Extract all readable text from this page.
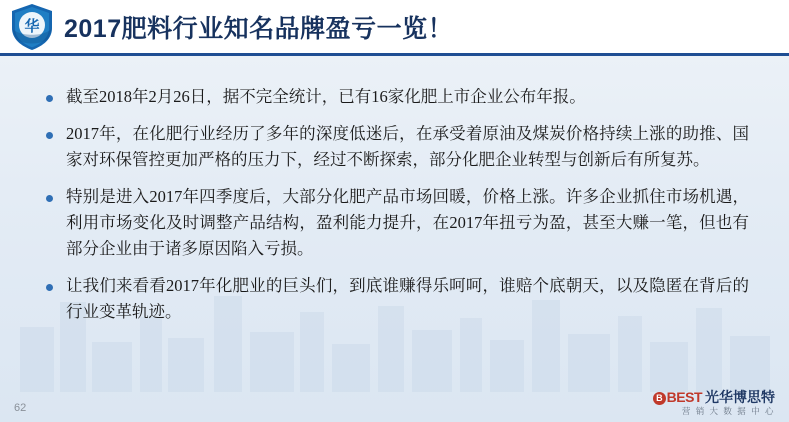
华 2017肥料行业知名品牌盈亏一览！
截至2018年2月26日，据不完全统计，已有16家化肥上市企业公布年报。
2017年，在化肥行业经历了多年的深度低迷后，在承受着原油及煤炭价格持续上涨的助推、国家对环保管控更加严格的压力下，经过不断探索，部分化肥企业转型与创新后有所复苏。
特别是进入2017年四季度后，大部分化肥产品市场回暖，价格上涨。许多企业抓住市场机遇，利用市场变化及时调整产品结构，盈利能力提升，在2017年扭亏为盈，甚至大赚一笔，但也有部分企业由于诸多原因陷入亏损。
让我们来看看2017年化肥业的巨头们，到底谁赚得乐呵呵，谁赔个底朝天，以及隐匿在背后的行业变革轨迹。
62
B BEST 光华博思特
营 销 大 数 据 中 心
